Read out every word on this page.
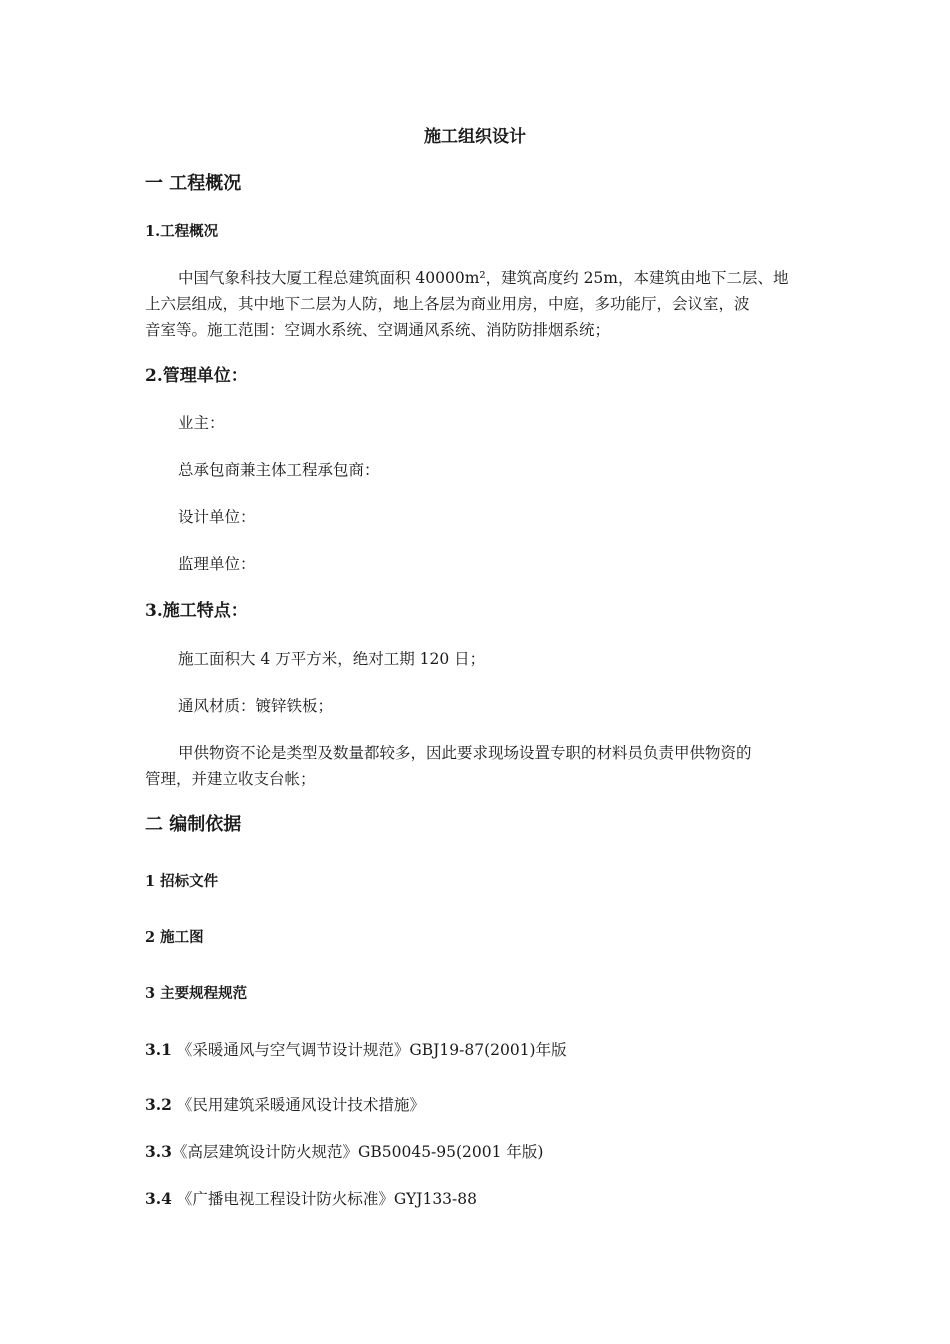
施工组织设计
一 工程概况
1.工程概况
中国气象科技大厦工程总建筑面积 40000m²，建筑高度约 25m，本建筑由地下二层、地
上六层组成，其中地下二层为人防，地上各层为商业用房，中庭，多功能厅，会议室，波
音室等。施工范围：空调水系统、空调通风系统、消防防排烟系统；
2.管理单位：
业主：
总承包商兼主体工程承包商：
设计单位：
监理单位：
3.施工特点：
施工面积大 4 万平方米，绝对工期 120 日；
通风材质：镀锌铁板；
甲供物资不论是类型及数量都较多，因此要求现场设置专职的材料员负责甲供物资的
管理，并建立收支台帐；
二 编制依据
1 招标文件
2 施工图
3 主要规程规范
3.1 《采暖通风与空气调节设计规范》GBJ19-87(2001)年版
3.2 《民用建筑采暖通风设计技术措施》
3.3《高层建筑设计防火规范》GB50045-95(2001 年版)
3.4 《广播电视工程设计防火标准》GYJ133-88
